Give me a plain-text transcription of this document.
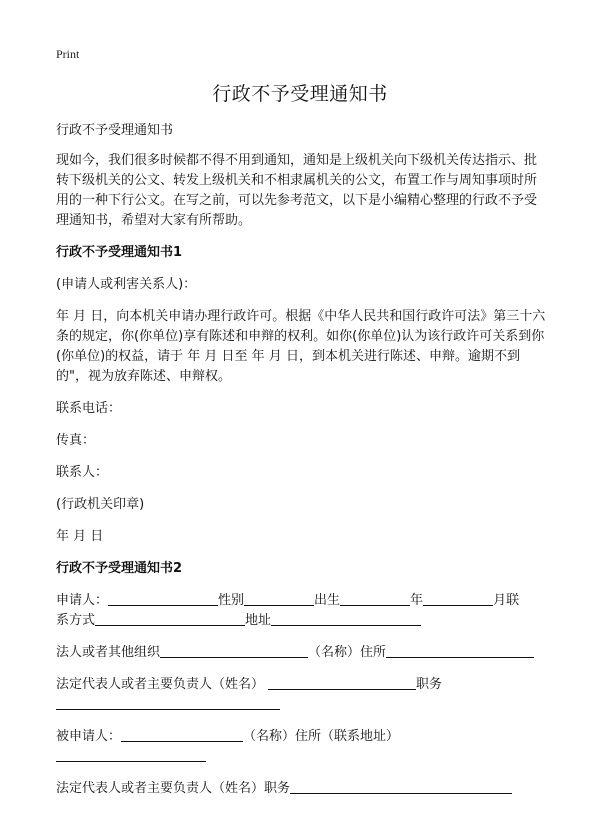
Print
行政不予受理通知书

行政不予受理通知书

现如今，我们很多时候都不得不用到通知，通知是上级机关向下级机关传达指示、批转下级机关的公文、转发上级机关和不相隶属机关的公文，布置工作与周知事项时所用的一种下行公文。在写之前，可以先参考范文，以下是小编精心整理的行政不予受理通知书，希望对大家有所帮助。

行政不予受理通知书1

(申请人或利害关系人)：

年 月 日，向本机关申请办理行政许可。根据《中华人民共和国行政许可法》第三十六条的规定，你(你单位)享有陈述和申辩的权利。如你(你单位)认为该行政许可关系到你(你单位)的权益，请于 年 月 日至 年 月 日，到本机关进行陈述、申辩。逾期不到的"，视为放弃陈述、申辩权。

联系电话：

传真：

联系人：

(行政机关印章)

年 月 日

行政不予受理通知书2

申请人：	性别	出生	年	月联
系方式	地址
法人或者其他组织	（名称）住所
法定代表人或者主要负责人（姓名）	职务

被申请人：	（名称）住所（联系地址）

法定代表人或者主要负责人（姓名）职务
